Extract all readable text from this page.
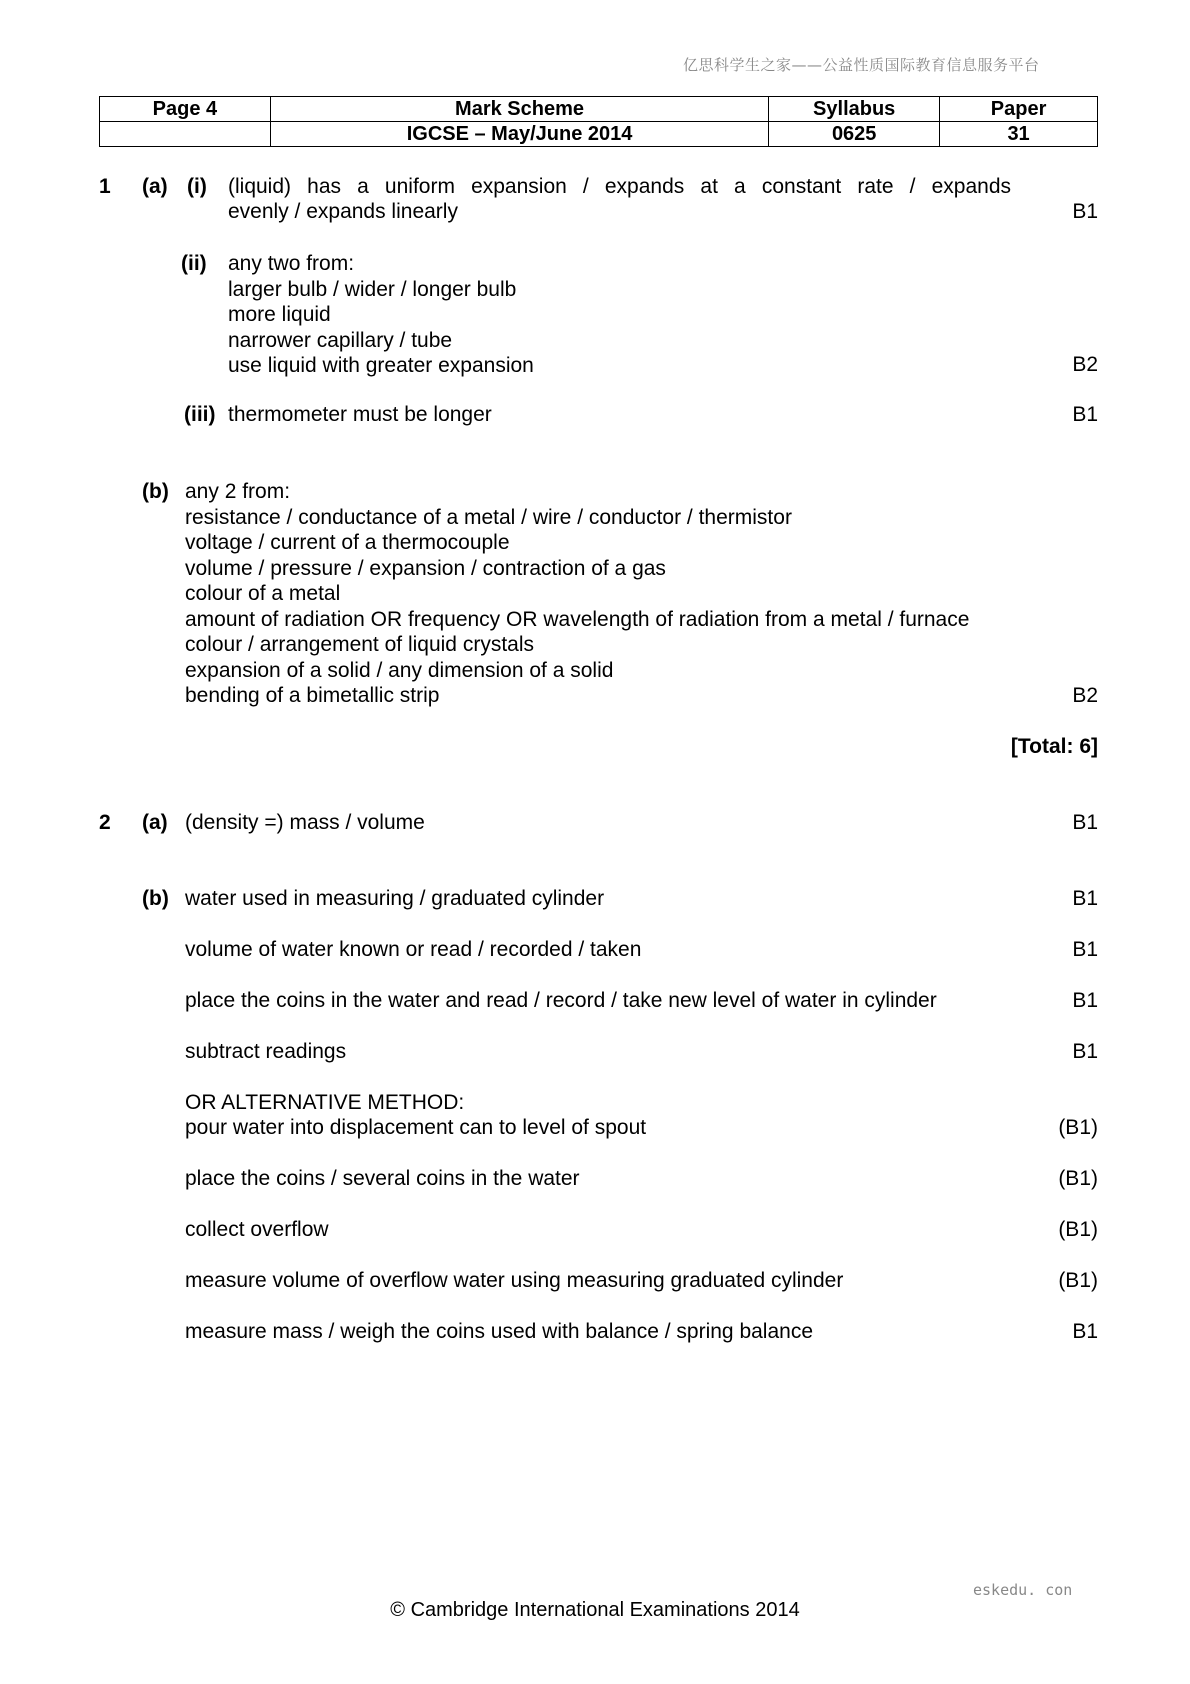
亿思科学生之家——公益性质国际教育信息服务平台
Page 4	Mark Scheme	Syllabus	Paper
	IGCSE – May/June 2014	0625	31
1 (a) (i) (liquid) has a uniform expansion / expands at a constant rate / expands
evenly / expands linearly	B1
(ii) any two from:
larger bulb / wider / longer bulb
more liquid
narrower capillary / tube
use liquid with greater expansion	B2
(iii) thermometer must be longer	B1
(b) any 2 from:
resistance / conductance of a metal / wire / conductor / thermistor
voltage / current of a thermocouple
volume / pressure / expansion / contraction of a gas
colour of a metal
amount of radiation OR frequency OR wavelength of radiation from a metal / furnace
colour / arrangement of liquid crystals
expansion of a solid / any dimension of a solid
bending of a bimetallic strip	B2
[Total: 6]
2 (a) (density =) mass / volume	B1
(b) water used in measuring / graduated cylinder	B1
volume of water known or read / recorded / taken	B1
place the coins in the water and read / record / take new level of water in cylinder	B1
subtract readings	B1
OR ALTERNATIVE METHOD:
pour water into displacement can to level of spout	(B1)
place the coins / several coins in the water	(B1)
collect overflow	(B1)
measure volume of overflow water using measuring graduated cylinder	(B1)
measure mass / weigh the coins used with balance / spring balance	B1
eskedu. con
© Cambridge International Examinations 2014
